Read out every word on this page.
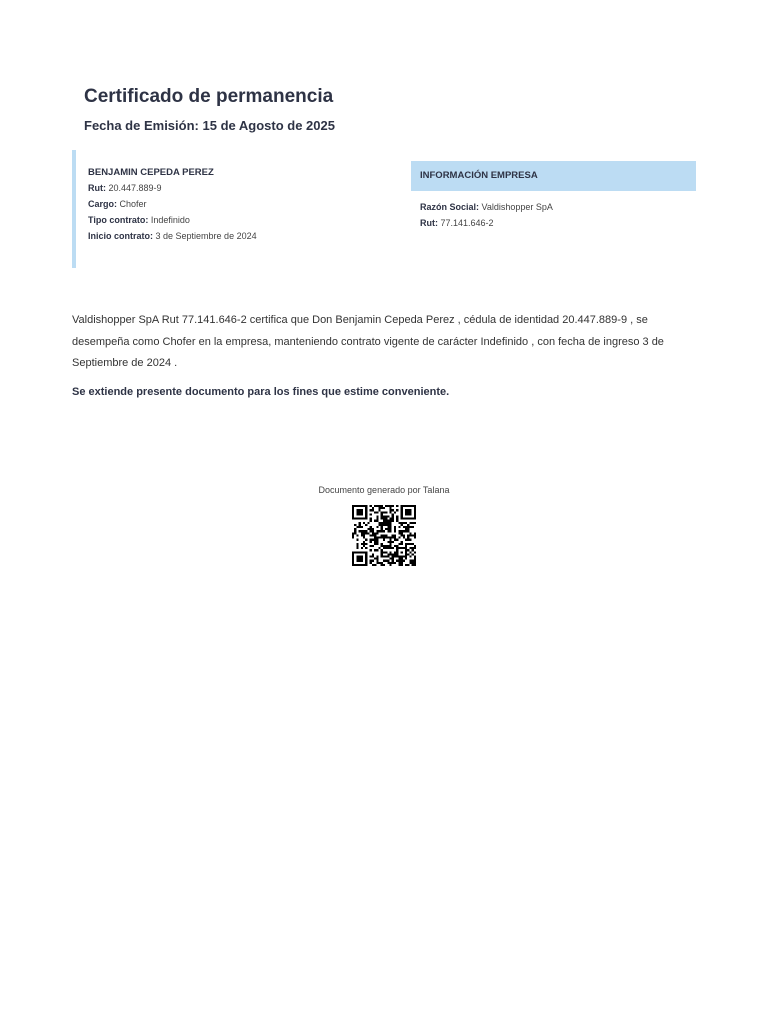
Certificado de permanencia

Fecha de Emisión: 15 de Agosto de 2025

BENJAMIN CEPEDA PEREZ

Rut: 20.447.889-9

Cargo: Chofer

Tipo contrato: Indefinido

Inicio contrato: 3 de Septiembre de 2024

INFORMACIÓN EMPRESA

Razón Social: Valdishopper SpA

Rut: 77.141.646-2

Valdishopper SpA Rut 77.141.646-2 certifica que Don Benjamin Cepeda Perez , cédula de identidad 20.447.889-9 , se desempeña como Chofer en la empresa, manteniendo contrato vigente de carácter Indefinido , con fecha de ingreso 3 de Septiembre de 2024 .

Se extiende presente documento para los fines que estime conveniente.

Documento generado por Talana
